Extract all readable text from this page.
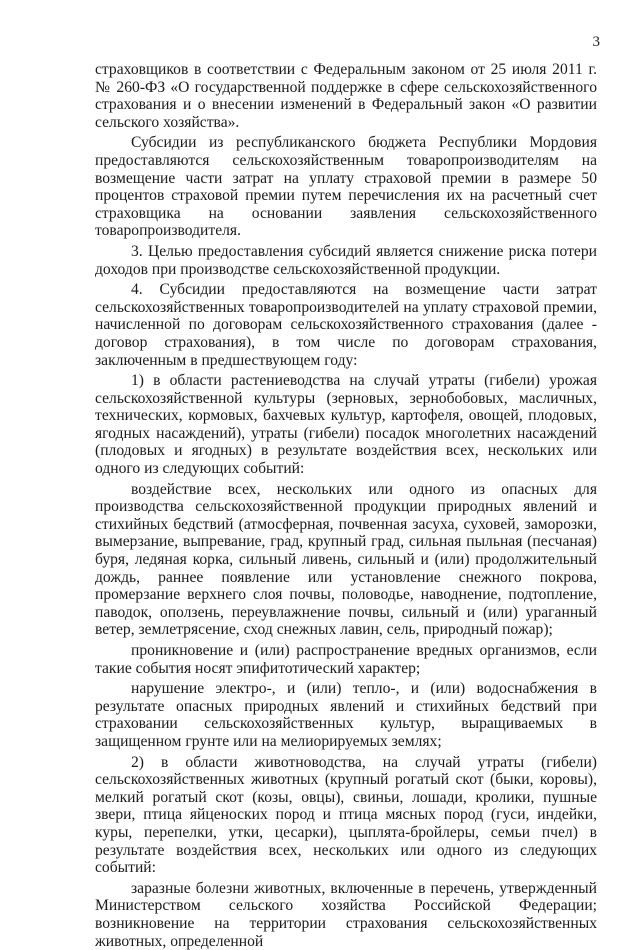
3

страховщиков в соответствии с Федеральным законом от 25 июля 2011 г. № 260-ФЗ «О государственной поддержке в сфере сельскохозяйственного страхования и о внесении изменений в Федеральный закон «О развитии сельского хозяйства».

Субсидии из республиканского бюджета Республики Мордовия предоставляются сельскохозяйственным товаропроизводителям на возмещение части затрат на уплату страховой премии в размере 50 процентов страховой премии путем перечисления их на расчетный счет страховщика на основании заявления сельскохозяйственного товаропроизводителя.

3. Целью предоставления субсидий является снижение риска потери доходов при производстве сельскохозяйственной продукции.

4. Субсидии предоставляются на возмещение части затрат сельскохозяйственных товаропроизводителей на уплату страховой премии, начисленной по договорам сельскохозяйственного страхования (далее - договор страхования), в том числе по договорам страхования, заключенным в предшествующем году:

1) в области растениеводства на случай утраты (гибели) урожая сельскохозяйственной культуры (зерновых, зернобобовых, масличных, технических, кормовых, бахчевых культур, картофеля, овощей, плодовых, ягодных насаждений), утраты (гибели) посадок многолетних насаждений (плодовых и ягодных) в результате воздействия всех, нескольких или одного из следующих событий:

воздействие всех, нескольких или одного из опасных для производства сельскохозяйственной продукции природных явлений и стихийных бедствий (атмосферная, почвенная засуха, суховей, заморозки, вымерзание, выпревание, град, крупный град, сильная пыльная (песчаная) буря, ледяная корка, сильный ливень, сильный и (или) продолжительный дождь, раннее появление или установление снежного покрова, промерзание верхнего слоя почвы, половодье, наводнение, подтопление, паводок, оползень, переувлажнение почвы, сильный и (или) ураганный ветер, землетрясение, сход снежных лавин, сель, природный пожар);

проникновение и (или) распространение вредных организмов, если такие события носят эпифитотический характер;

нарушение электро-, и (или) тепло-, и (или) водоснабжения в результате опасных природных явлений и стихийных бедствий при страховании сельскохозяйственных культур, выращиваемых в защищенном грунте или на мелиорируемых землях;

2) в области животноводства, на случай утраты (гибели) сельскохозяйственных животных (крупный рогатый скот (быки, коровы), мелкий рогатый скот (козы, овцы), свиньи, лошади, кролики, пушные звери, птица яйценоских пород и птица мясных пород (гуси, индейки, куры, перепелки, утки, цесарки), цыплята-бройлеры, семьи пчел) в результате воздействия всех, нескольких или одного из следующих событий:

заразные болезни животных, включенные в перечень, утвержденный Министерством сельского хозяйства Российской Федерации; возникновение на территории страхования сельскохозяйственных животных, определенной
